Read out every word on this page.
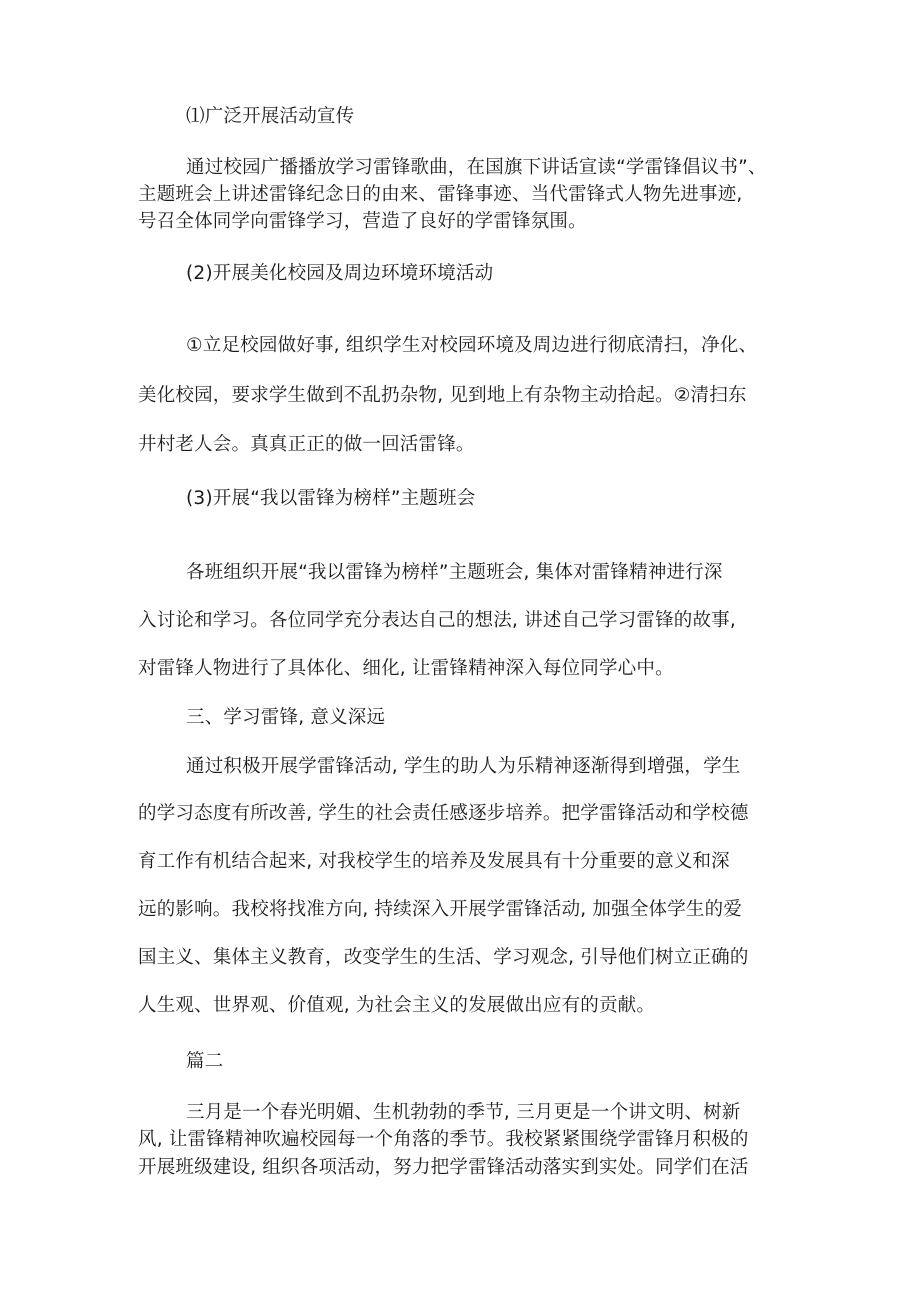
⑴广泛开展活动宣传
通过校园广播播放学习雷锋歌曲，在国旗下讲话宣读“学雷锋倡议书”、
主题班会上讲述雷锋纪念日的由来、雷锋事迹、当代雷锋式人物先进事迹,
号召全体同学向雷锋学习，营造了良好的学雷锋氛围。
(2)开展美化校园及周边环境环境活动
①立足校园做好事, 组织学生对校园环境及周边进行彻底清扫，净化、
美化校园，要求学生做到不乱扔杂物, 见到地上有杂物主动拾起。②清扫东
井村老人会。真真正正的做一回活雷锋。
(3)开展“我以雷锋为榜样”主题班会
各班组织开展“我以雷锋为榜样”主题班会, 集体对雷锋精神进行深
入讨论和学习。各位同学充分表达自己的想法, 讲述自己学习雷锋的故事,
对雷锋人物进行了具体化、细化, 让雷锋精神深入每位同学心中。
三、学习雷锋, 意义深远
通过积极开展学雷锋活动, 学生的助人为乐精神逐渐得到增强，学生
的学习态度有所改善, 学生的社会责任感逐步培养。把学雷锋活动和学校德
育工作有机结合起来, 对我校学生的培养及发展具有十分重要的意义和深
远的影响。我校将找准方向, 持续深入开展学雷锋活动, 加强全体学生的爱
国主义、集体主义教育，改变学生的生活、学习观念, 引导他们树立正确的
人生观、世界观、价值观, 为社会主义的发展做出应有的贡献。
篇二
三月是一个春光明媚、生机勃勃的季节, 三月更是一个讲文明、树新
风, 让雷锋精神吹遍校园每一个角落的季节。我校紧紧围绕学雷锋月积极的
开展班级建设, 组织各项活动，努力把学雷锋活动落实到实处。同学们在活
